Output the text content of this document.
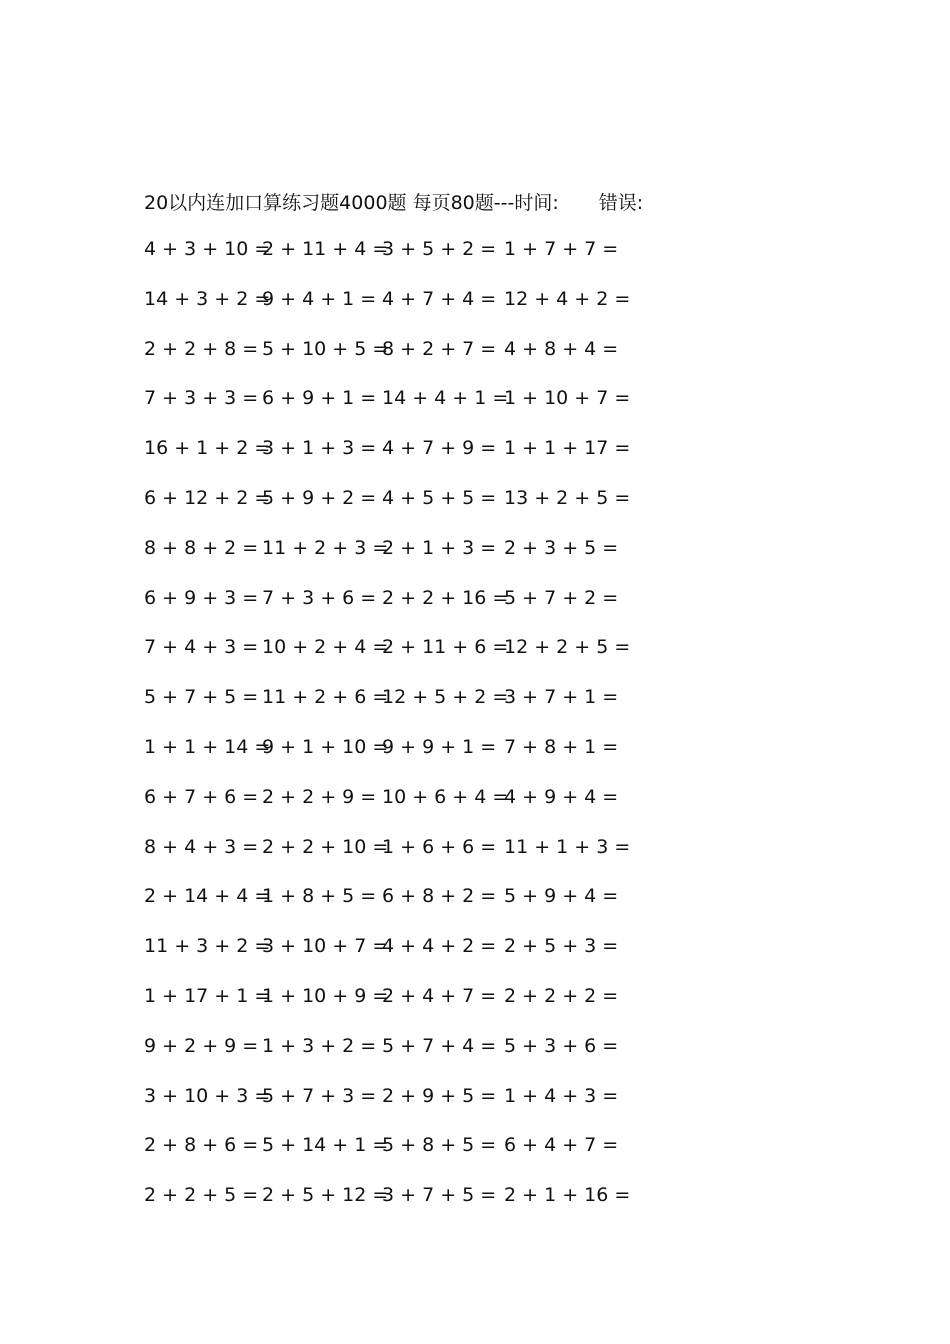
20以内连加口算练习题4000题 每页80题---时间: 错误:
4 + 3 + 10 =
2 + 11 + 4 =
3 + 5 + 2 = 1 + 7 + 7 =
14 + 3 + 2 =
9 + 4 + 1 = 4 + 7 + 4 = 12 + 4 + 2 =
2 + 2 + 8 = 5 + 10 + 5 =
8 + 2 + 7 = 4 + 8 + 4 =
7 + 3 + 3 = 6 + 9 + 1 = 14 + 4 + 1 =
1 + 10 + 7 =
16 + 1 + 2 =
3 + 1 + 3 = 4 + 7 + 9 = 1 + 1 + 17 =
6 + 12 + 2 =
5 + 9 + 2 = 4 + 5 + 5 = 13 + 2 + 5 =
8 + 8 + 2 = 11 + 2 + 3 =
2 + 1 + 3 = 2 + 3 + 5 =
6 + 9 + 3 = 7 + 3 + 6 = 2 + 2 + 16 =
5 + 7 + 2 =
7 + 4 + 3 = 10 + 2 + 4 =
2 + 11 + 6 =
12 + 2 + 5 =
5 + 7 + 5 = 11 + 2 + 6 =
12 + 5 + 2 =
3 + 7 + 1 =
1 + 1 + 14 =
9 + 1 + 10 =
9 + 9 + 1 = 7 + 8 + 1 =
6 + 7 + 6 = 2 + 2 + 9 = 10 + 6 + 4 =
4 + 9 + 4 =
8 + 4 + 3 = 2 + 2 + 10 =
1 + 6 + 6 = 11 + 1 + 3 =
2 + 14 + 4 =
1 + 8 + 5 = 6 + 8 + 2 = 5 + 9 + 4 =
11 + 3 + 2 =
3 + 10 + 7 =
4 + 4 + 2 = 2 + 5 + 3 =
1 + 17 + 1 =
1 + 10 + 9 =
2 + 4 + 7 = 2 + 2 + 2 =
9 + 2 + 9 = 1 + 3 + 2 = 5 + 7 + 4 = 5 + 3 + 6 =
3 + 10 + 3 =
5 + 7 + 3 = 2 + 9 + 5 = 1 + 4 + 3 =
2 + 8 + 6 = 5 + 14 + 1 =
5 + 8 + 5 = 6 + 4 + 7 =
2 + 2 + 5 = 2 + 5 + 12 =
3 + 7 + 5 = 2 + 1 + 16 =
